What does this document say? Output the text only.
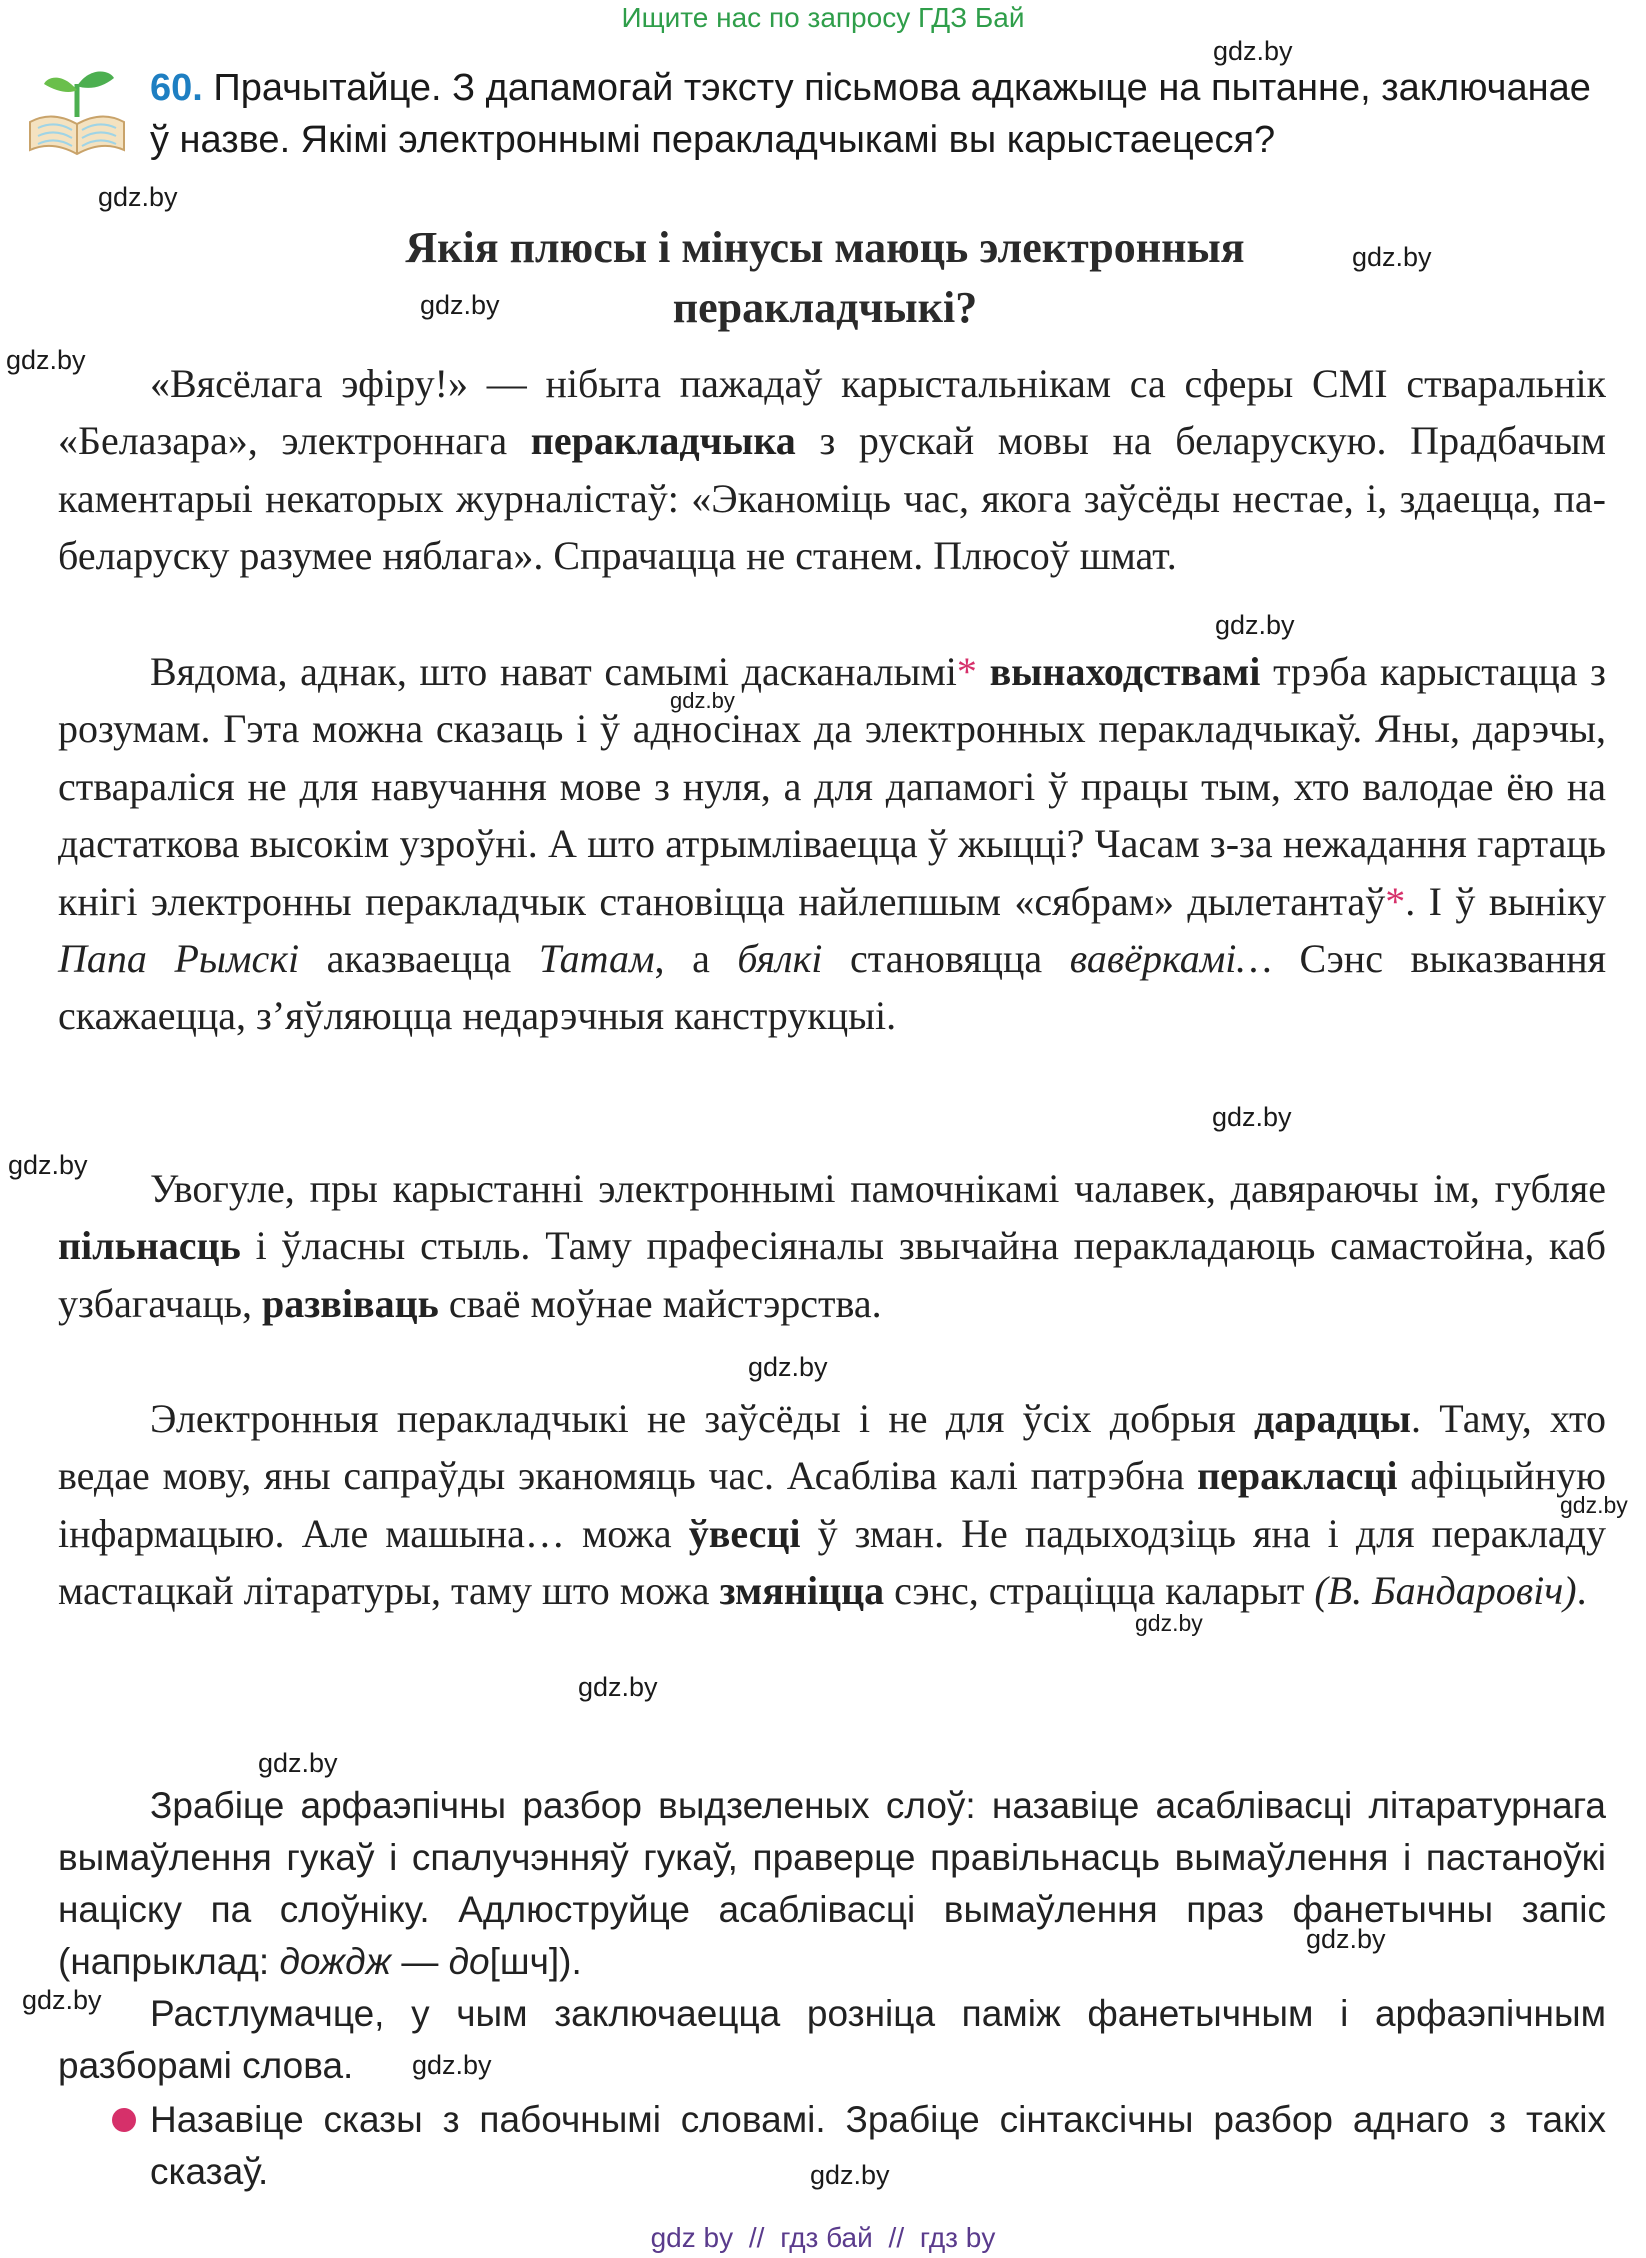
Ищите нас по запросу ГДЗ Бай
60. Прачытайце. З дапамогай тэксту пісьмова адкажыце на пытанне, заключанае ў назве. Якімі электроннымі перакладчыкамі вы карыстаецеся?
Якія плюсы і мінусы маюць электронныя
перакладчыкі?
«Вясёлага эфіру!» — нібыта пажадаў карыстальнікам са сферы СМІ стваральнік «Белазара», электроннага перакладчыка з рускай мовы на беларускую. Прадбачым каментарыі некаторых журналістаў: «Эканоміць час, якога заўсёды нестае, і, здаецца, па-беларуску разумее няблага». Спрачацца не станем. Плюсоў шмат.
Вядома, аднак, што нават самымі дасканалымі* вынаходствамі трэба карыстацца з розумам. Гэта можна сказаць і ў адносінах да электронных перакладчыкаў. Яны, дарэчы, ствараліся не для навучання мове з нуля, а для дапамогі ў працы тым, хто валодае ёю на дастаткова высокім узроўні. А што атрымліваецца ў жыцці? Часам з-за нежадання гартаць кнігі электронны перакладчык становіцца найлепшым «сябрам» дылетантаў*. І ў выніку Папа Рымскі аказваецца Татам, а бялкі становяцца вавёркамі… Сэнс выказвання скажаецца, з’яўляюцца недарэчныя канструкцыі.
Увогуле, пры карыстанні электроннымі памочнікамі чалавек, давяраючы ім, губляе пільнасць і ўласны стыль. Таму прафесіяналы звычайна перакладаюць самастойна, каб узбагачаць, развіваць сваё моўнае майстэрства.
Электронныя перакладчыкі не заўсёды і не для ўсіх добрыя дарадцы. Таму, хто ведае мову, яны сапраўды эканомяць час. Асабліва калі патрэбна перакласці афіцыйную інфармацыю. Але машына… можа ўвесці ў зман. Не падыходзіць яна і для перакладу мастацкай літаратуры, таму што можа змяніцца сэнс, страціцца каларыт (В. Бандаровіч).
Зрабіце арфаэпічны разбор выдзеленых слоў: назавіце асаблівасці літаратурнага вымаўлення гукаў і спалучэнняў гукаў, праверце правільнасць вымаўлення і пастаноўкі націску па слоўніку. Адлюструйце асаблівасці вымаўлення праз фанетычны запіс (напрыклад: дождж — до[шч]).
Растлумачце, у чым заключаецца розніца паміж фанетычным і арфаэпічным разборамі слова.
Назавіце сказы з пабочнымі словамі. Зрабіце сінтаксічны разбор аднаго з такіх сказаў.
gdz.by
gdz.by
gdz.by
gdz.by
gdz.by
gdz.by
gdz.by
gdz.by
gdz.by
gdz.by
gdz.by
gdz.by
gdz.by
gdz.by
gdz.by
gdz.by
gdz.by
gdz.by
gdz by // гдз бай // гдз by
